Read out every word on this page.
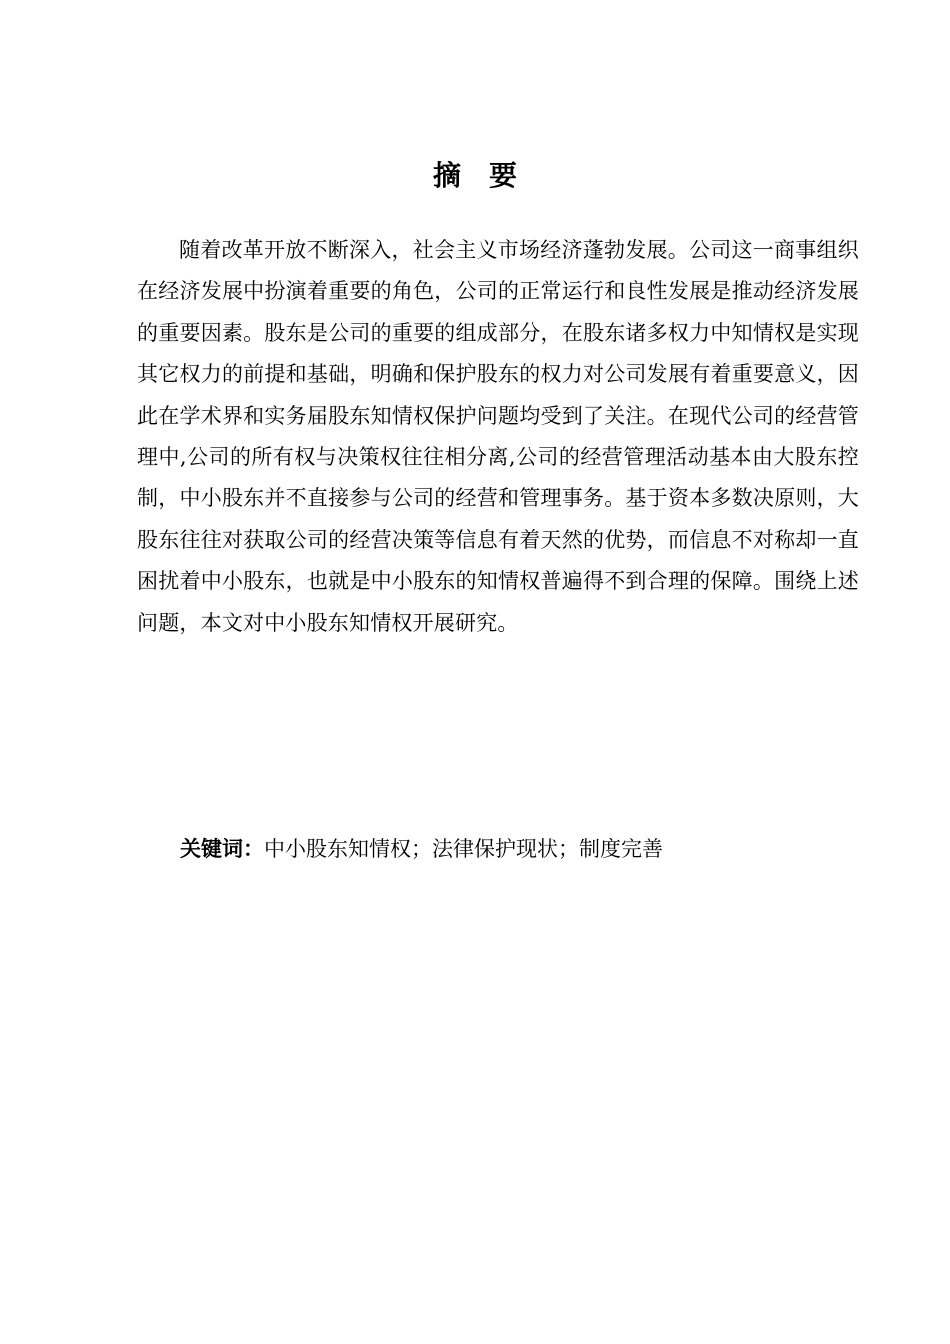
摘要

随着改革开放不断深入，社会主义市场经济蓬勃发展。公司这一商事组织在经济发展中扮演着重要的角色，公司的正常运行和良性发展是推动经济发展的重要因素。股东是公司的重要的组成部分，在股东诸多权力中知情权是实现其它权力的前提和基础，明确和保护股东的权力对公司发展有着重要意义，因此在学术界和实务届股东知情权保护问题均受到了关注。在现代公司的经营管理中,公司的所有权与决策权往往相分离,公司的经营管理活动基本由大股东控制，中小股东并不直接参与公司的经营和管理事务。基于资本多数决原则，大股东往往对获取公司的经营决策等信息有着天然的优势，而信息不对称却一直困扰着中小股东，也就是中小股东的知情权普遍得不到合理的保障。围绕上述问题，本文对中小股东知情权开展研究。

关键词：中小股东知情权；法律保护现状；制度完善
